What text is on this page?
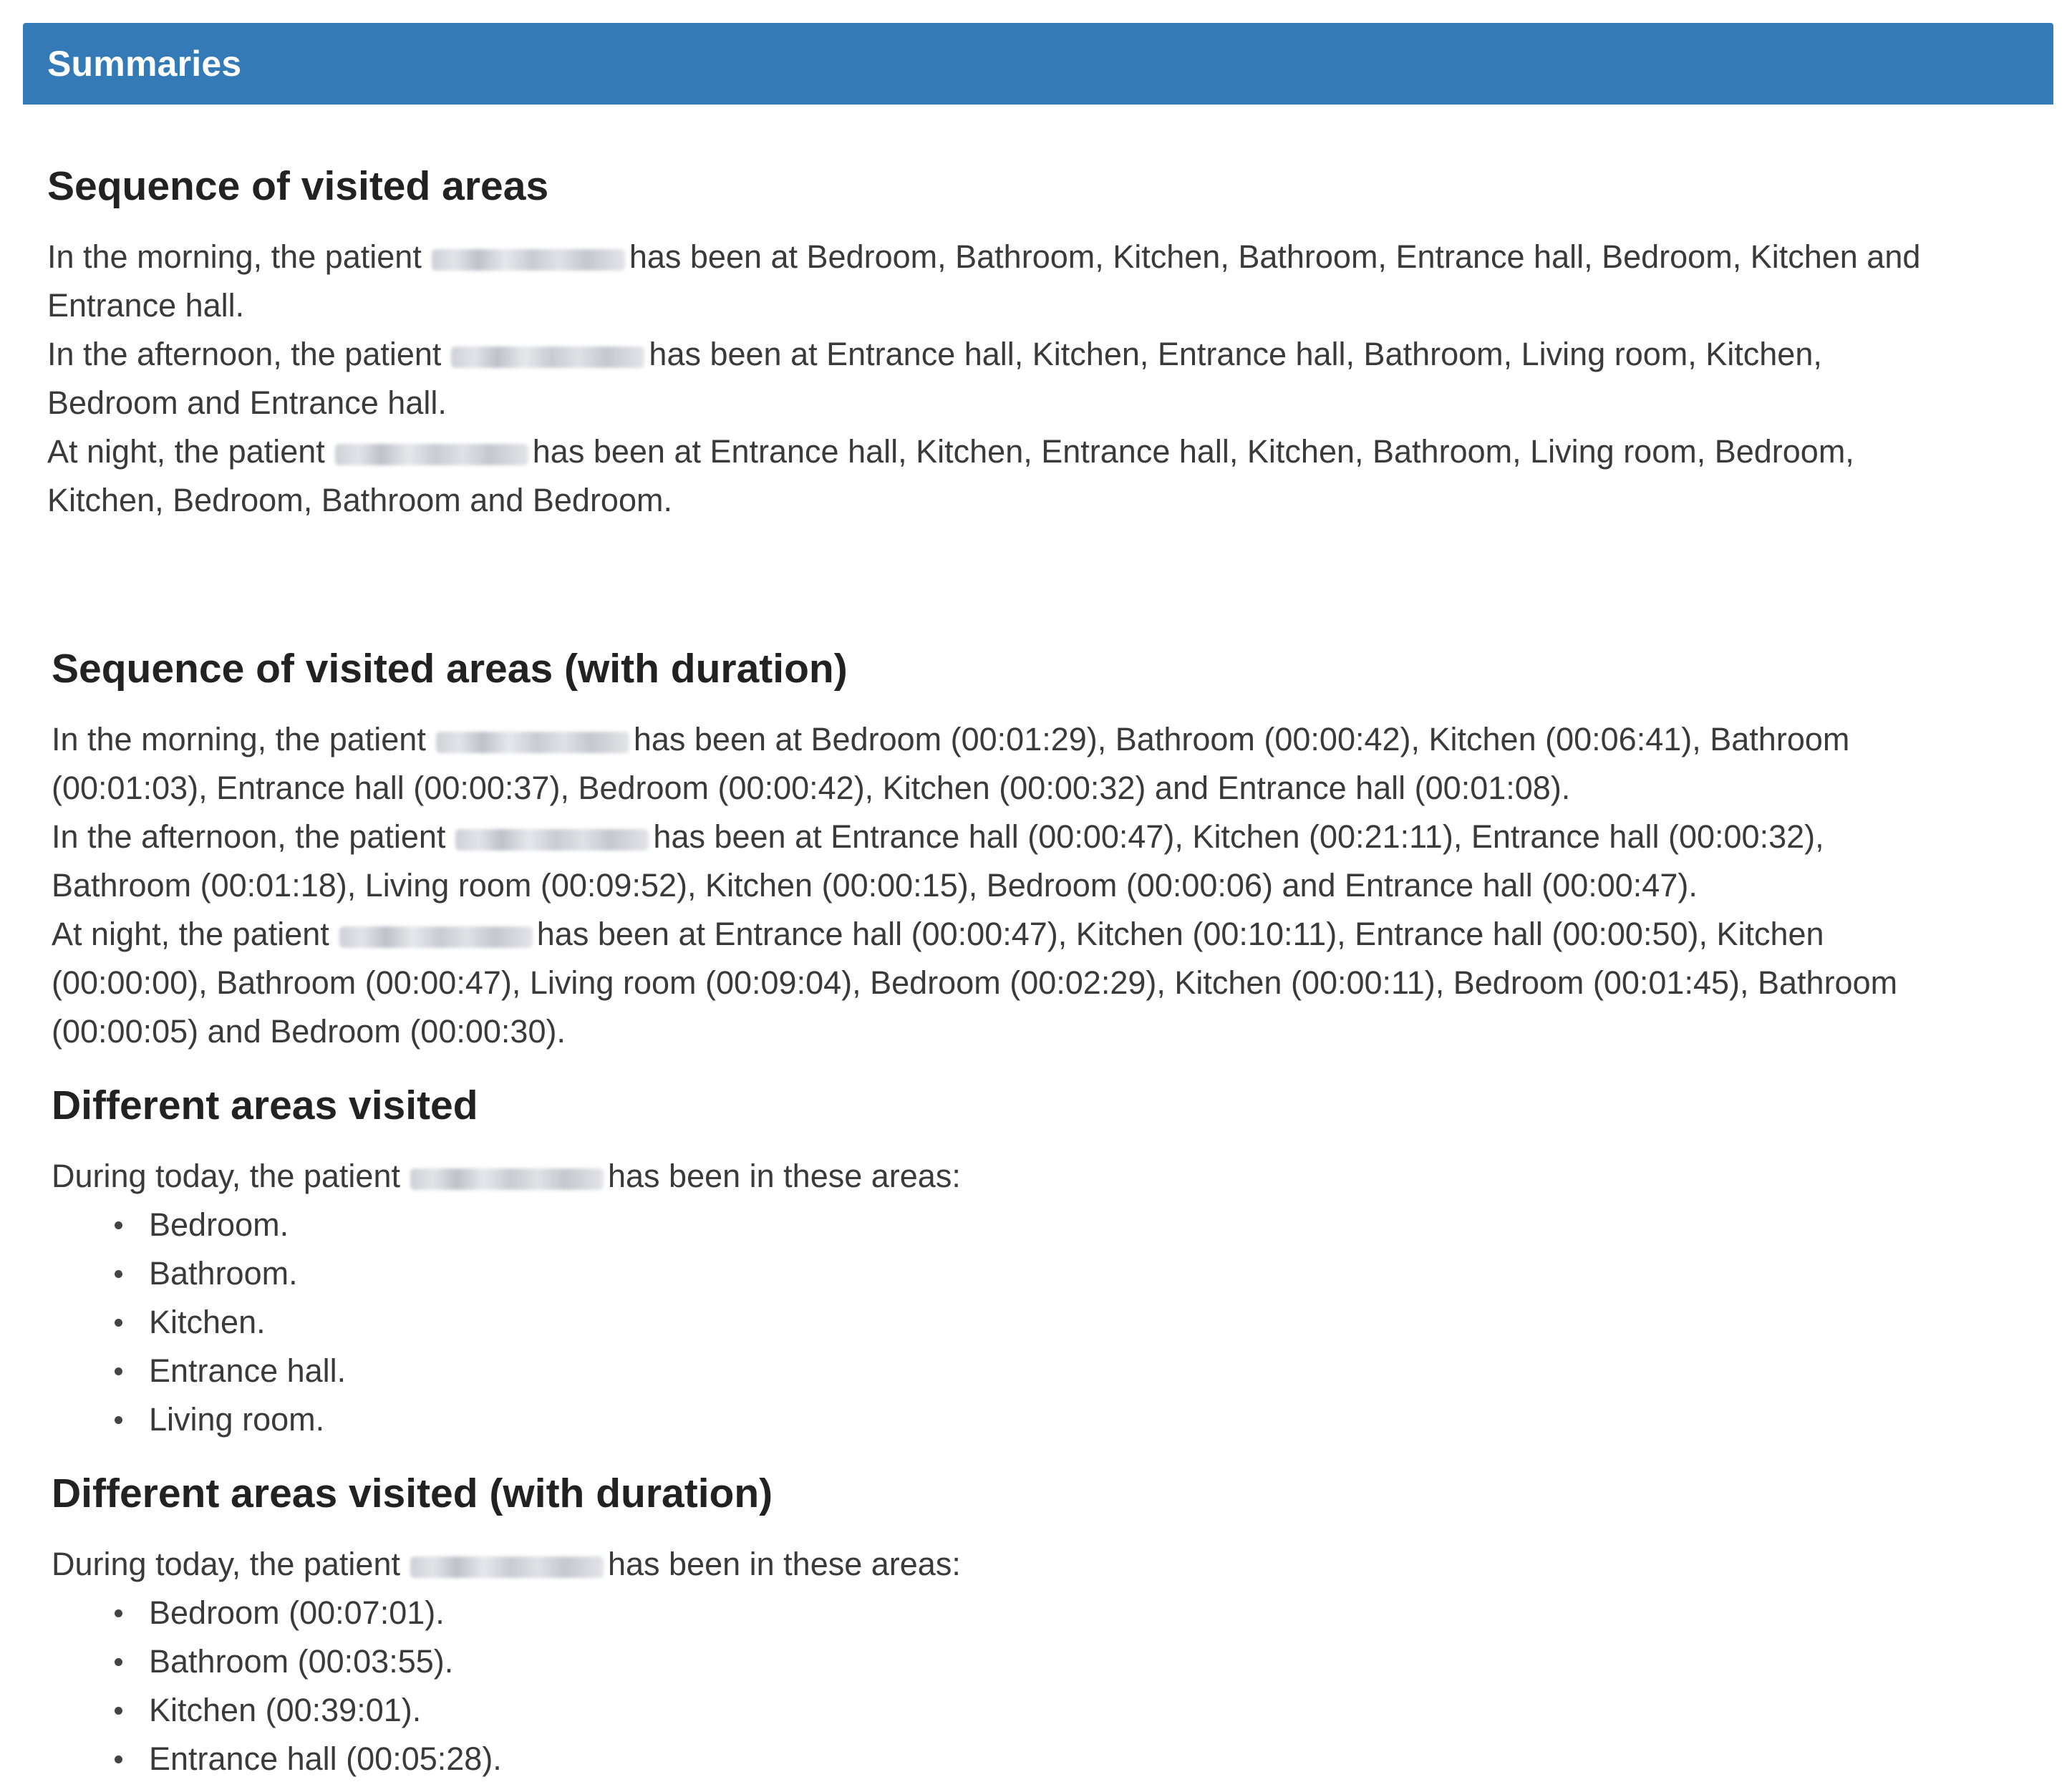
Summaries
Sequence of visited areas

In the morning, the patient	has been at Bedroom, Bathroom, Kitchen, Bathroom, Entrance hall, Bedroom, Kitchen and

Entrance hall.

In the afternoon, the patient	has been at Entrance hall, Kitchen, Entrance hall, Bathroom, Living room, Kitchen,

Bedroom and Entrance hall.

At night, the patient	has been at Entrance hall, Kitchen, Entrance hall, Kitchen, Bathroom, Living room, Bedroom,

Kitchen, Bedroom, Bathroom and Bedroom.

Sequence of visited areas (with duration)

In the morning, the patient	has been at Bedroom (00:01:29), Bathroom (00:00:42), Kitchen (00:06:41), Bathroom

(00:01:03), Entrance hall (00:00:37), Bedroom (00:00:42), Kitchen (00:00:32) and Entrance hall (00:01:08).

In the afternoon, the patient	has been at Entrance hall (00:00:47), Kitchen (00:21:11), Entrance hall (00:00:32),

Bathroom (00:01:18), Living room (00:09:52), Kitchen (00:00:15), Bedroom (00:00:06) and Entrance hall (00:00:47).

At night, the patient	has been at Entrance hall (00:00:47), Kitchen (00:10:11), Entrance hall (00:00:50), Kitchen

(00:00:00), Bathroom (00:00:47), Living room (00:09:04), Bedroom (00:02:29), Kitchen (00:00:11), Bedroom (00:01:45), Bathroom

(00:00:05) and Bedroom (00:00:30).

Different areas visited

During today, the patient	has been in these areas:

Bedroom.
Bathroom.
Kitchen.
Entrance hall.
Living room.
Different areas visited (with duration)

During today, the patient	has been in these areas:

Bedroom (00:07:01).
Bathroom (00:03:55).
Kitchen (00:39:01).
Entrance hall (00:05:28).
